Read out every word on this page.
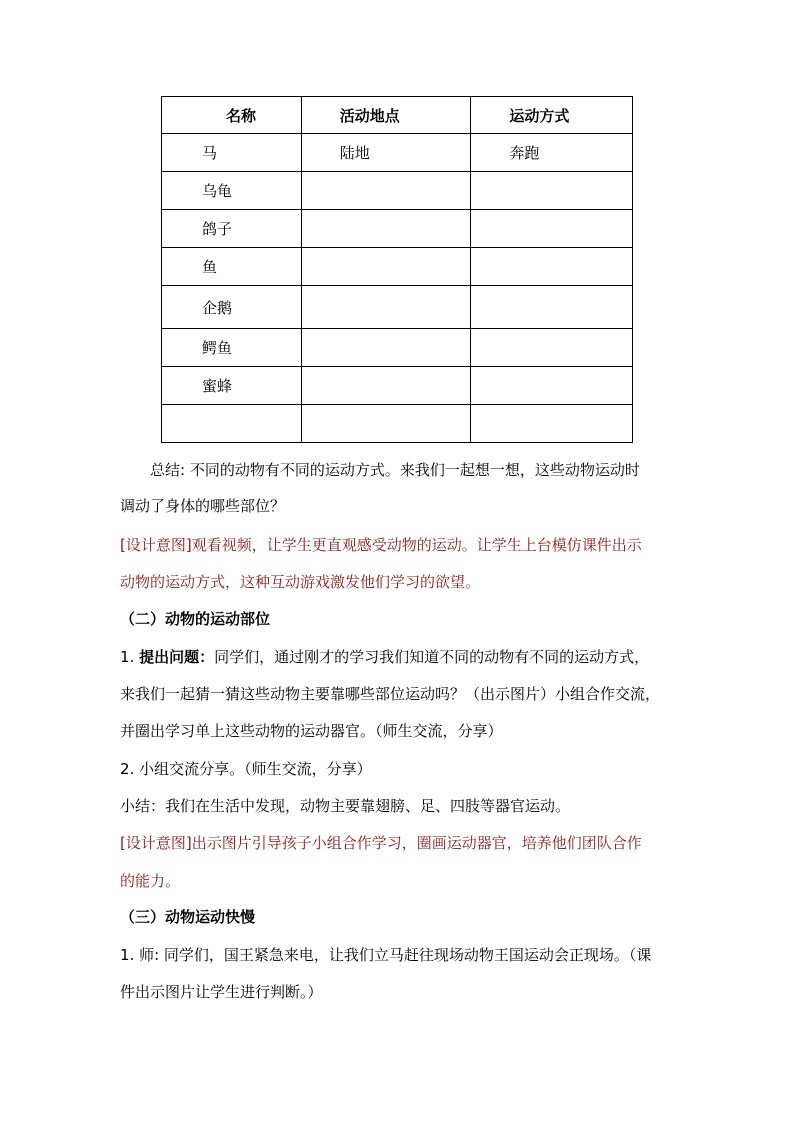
名称	活动地点	运动方式
马	陆地	奔跑
乌龟		
鸽子		
鱼		
企鹅		
鳄鱼		
蜜蜂		

总结: 不同的动物有不同的运动方式。来我们一起想一想，这些动物运动时
调动了身体的哪些部位？
[设计意图]观看视频，让学生更直观感受动物的运动。让学生上台模仿课件出示
动物的运动方式，这种互动游戏激发他们学习的欲望。
（二）动物的运动部位
1. 提出问题：同学们，通过刚才的学习我们知道不同的动物有不同的运动方式，
来我们一起猜一猜这些动物主要靠哪些部位运动吗？（出示图片）小组合作交流，
并圈出学习单上这些动物的运动器官。（师生交流，分享）
2. 小组交流分享。（师生交流，分享）
小结：我们在生活中发现，动物主要靠翅膀、足、四肢等器官运动。
[设计意图]出示图片引导孩子小组合作学习，圈画运动器官，培养他们团队合作
的能力。
（三）动物运动快慢
1. 师: 同学们，国王紧急来电，让我们立马赶往现场动物王国运动会正现场。（课
件出示图片让学生进行判断。）
